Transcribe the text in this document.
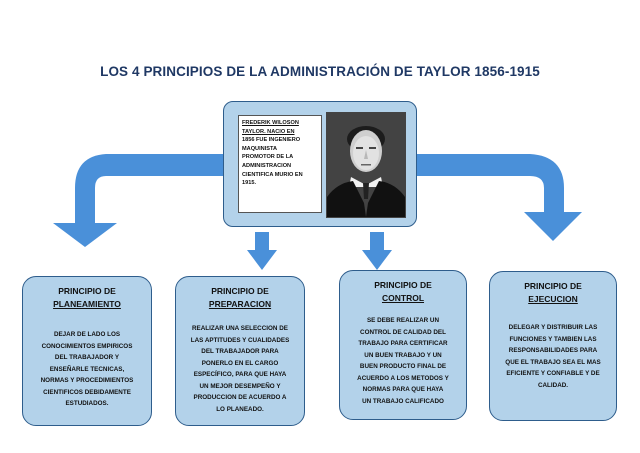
LOS 4 PRINCIPIOS DE LA ADMINISTRACIÓN DE TAYLOR 1856-1915
FREDERIK WILOSON
TAYLOR. NACIO EN
1856 FUE INGENIERO
MAQUINISTA
PROMOTOR DE LA
ADMINISTRACION
CIENTIFICA MURIO EN
1915.
PRINCIPIO DE
PLANEAMIENTO
DEJAR DE LADO LOS
CONOCIMIENTOS EMPIRICOS
DEL TRABAJADOR Y
ENSEÑARLE TECNICAS,
NORMAS Y PROCEDIMIENTOS
CIENTIFICOS DEBIDAMENTE
ESTUDIADOS.
PRINCIPIO DE
PREPARACION
REALIZAR UNA SELECCION DE
LAS APTITUDES Y CUALIDADES
DEL TRABAJADOR PARA
PONERLO EN EL CARGO
ESPECÍFICO, PARA QUE HAYA
UN MEJOR DESEMPEÑO Y
PRODUCCION DE ACUERDO A
LO PLANEADO.
PRINCIPIO DE
CONTROL
SE DEBE REALIZAR UN
CONTROL DE CALIDAD DEL
TRABAJO PARA CERTIFICAR
UN BUEN TRABAJO Y UN
BUEN PRODUCTO FINAL DE
ACUERDO A LOS METODOS Y
NORMAS PARA QUE HAYA
UN TRABAJO CALIFICADO
PRINCIPIO DE
EJECUCION
DELEGAR Y DISTRIBUIR LAS
FUNCIONES Y TAMBIEN LAS
RESPONSABILIDADES PARA
QUE EL TRABAJO SEA EL MAS
EFICIENTE Y CONFIABLE Y DE
CALIDAD.
